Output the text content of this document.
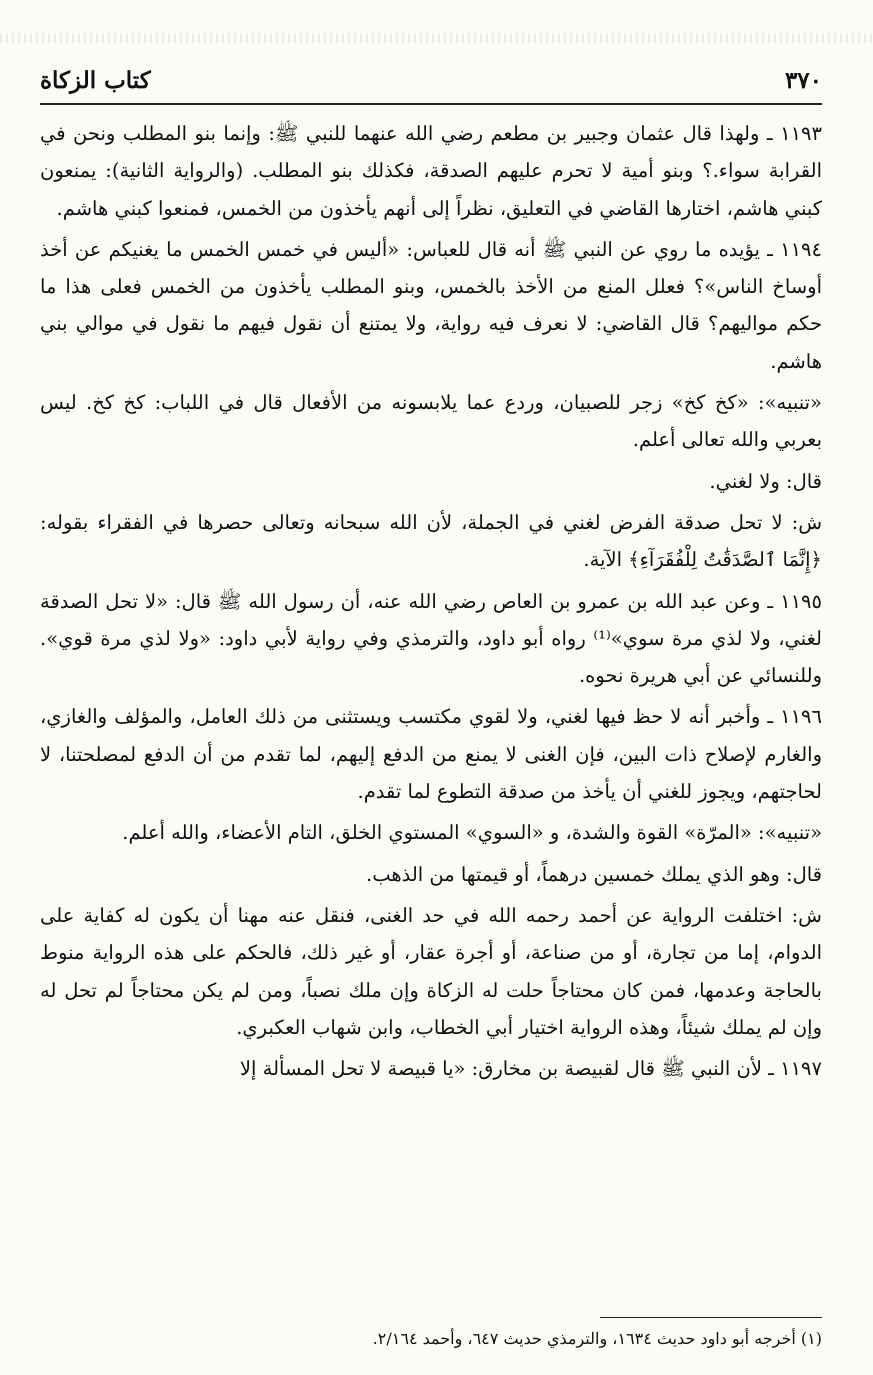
٣٧٠
كتاب الزكاة

١١٩٣ ـ ولهذا قال عثمان وجبير بن مطعم رضي الله عنهما للنبي ﷺ: وإنما بنو المطلب ونحن في القرابة سواء.؟ وبنو أمية لا تحرم عليهم الصدقة، فكذلك بنو المطلب. (والرواية الثانية): يمنعون كبني هاشم، اختارها القاضي في التعليق، نظراً إلى أنهم يأخذون من الخمس، فمنعوا كبني هاشم.

١١٩٤ ـ يؤيده ما روي عن النبي ﷺ أنه قال للعباس: «أليس في خمس الخمس ما يغنيكم عن أخذ أوساخ الناس»؟ فعلل المنع من الأخذ بالخمس، وبنو المطلب يأخذون من الخمس فعلى هذا ما حكم مواليهم؟ قال القاضي: لا نعرف فيه رواية، ولا يمتنع أن نقول فيهم ما نقول في موالي بني هاشم.

«تنبيه»: «كخ كخ» زجر للصبيان، وردع عما يلابسونه من الأفعال قال في اللباب: كخ كخ. ليس بعربي والله تعالى أعلم.

قال: ولا لغني.

ش: لا تحل صدقة الفرض لغني في الجملة، لأن الله سبحانه وتعالى حصرها في الفقراء بقوله: ﴿إِنَّمَا ٱلصَّدَقَٰتُ لِلْفُقَرَآءِ﴾ الآية.

١١٩٥ ـ وعن عبد الله بن عمرو بن العاص رضي الله عنه، أن رسول الله ﷺ قال: «لا تحل الصدقة لغني، ولا لذي مرة سوي»⁽¹⁾ رواه أبو داود، والترمذي وفي رواية لأبي داود: «ولا لذي مرة قوي». وللنسائي عن أبي هريرة نحوه.

١١٩٦ ـ وأخبر أنه لا حظ فيها لغني، ولا لقوي مكتسب ويستثنى من ذلك العامل، والمؤلف والغازي، والغارم لإصلاح ذات البين، فإن الغنى لا يمنع من الدفع إليهم، لما تقدم من أن الدفع لمصلحتنا، لا لحاجتهم، ويجوز للغني أن يأخذ من صدقة التطوع لما تقدم.

«تنبيه»: «المرّة» القوة والشدة، و «السوي» المستوي الخلق، التام الأعضاء، والله أعلم.

قال: وهو الذي يملك خمسين درهماً، أو قيمتها من الذهب.

ش: اختلفت الرواية عن أحمد رحمه الله في حد الغنى، فنقل عنه مهنا أن يكون له كفاية على الدوام، إما من تجارة، أو من صناعة، أو أجرة عقار، أو غير ذلك، فالحكم على هذه الرواية منوط بالحاجة وعدمها، فمن كان محتاجاً حلت له الزكاة وإن ملك نصباً، ومن لم يكن محتاجاً لم تحل له وإن لم يملك شيئاً، وهذه الرواية اختيار أبي الخطاب، وابن شهاب العكبري.

١١٩٧ ـ لأن النبي ﷺ قال لقبيصة بن مخارق: «يا قبيصة لا تحل المسألة إلا

(١) أخرجه أبو داود حديث ١٦٣٤، والترمذي حديث ٦٤٧، وأحمد ٢/١٦٤.
